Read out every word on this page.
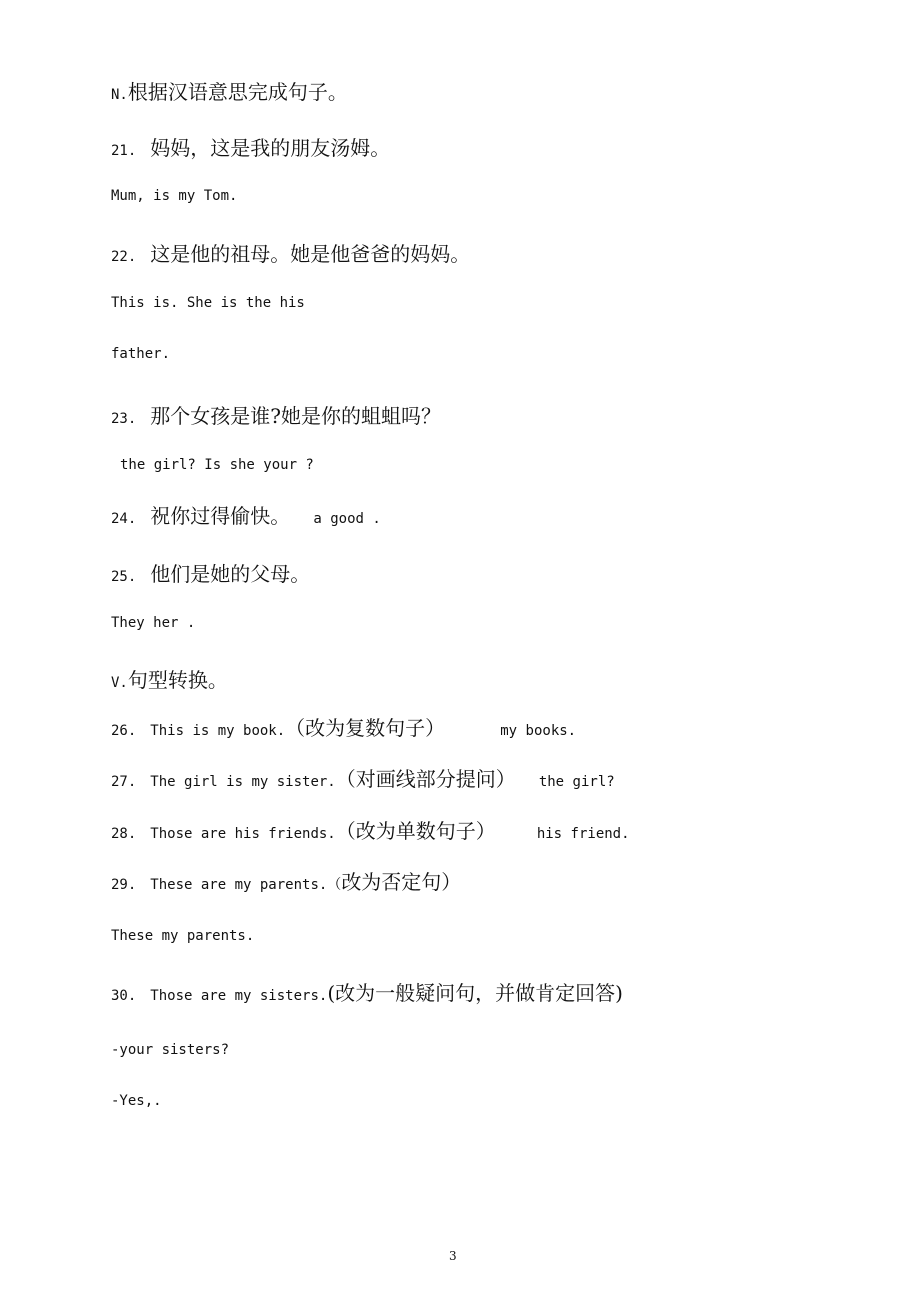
N.根据汉语意思完成句子。
21. 妈妈，这是我的朋友汤姆。
Mum, is my Tom.
22. 这是他的祖母。她是他爸爸的妈妈。
This is. She is the his
father.
23. 那个女孩是谁?她是你的蛆蛆吗？
the girl? Is she your ?
24. 祝你过得偷快。 a good .
25. 他们是她的父母。
They her .
V.句型转换。
26. This is my book.（改为复数句子）	my books.
27. The girl is my sister.（对画线部分提问） the girl?
28. Those are his friends.（改为单数句子）	his friend.
29. These are my parents.（改为否定句）
These my parents.
30. Those are my sisters.(改为一般疑问句，并做肯定回答)
-your sisters?
-Yes,.
3
